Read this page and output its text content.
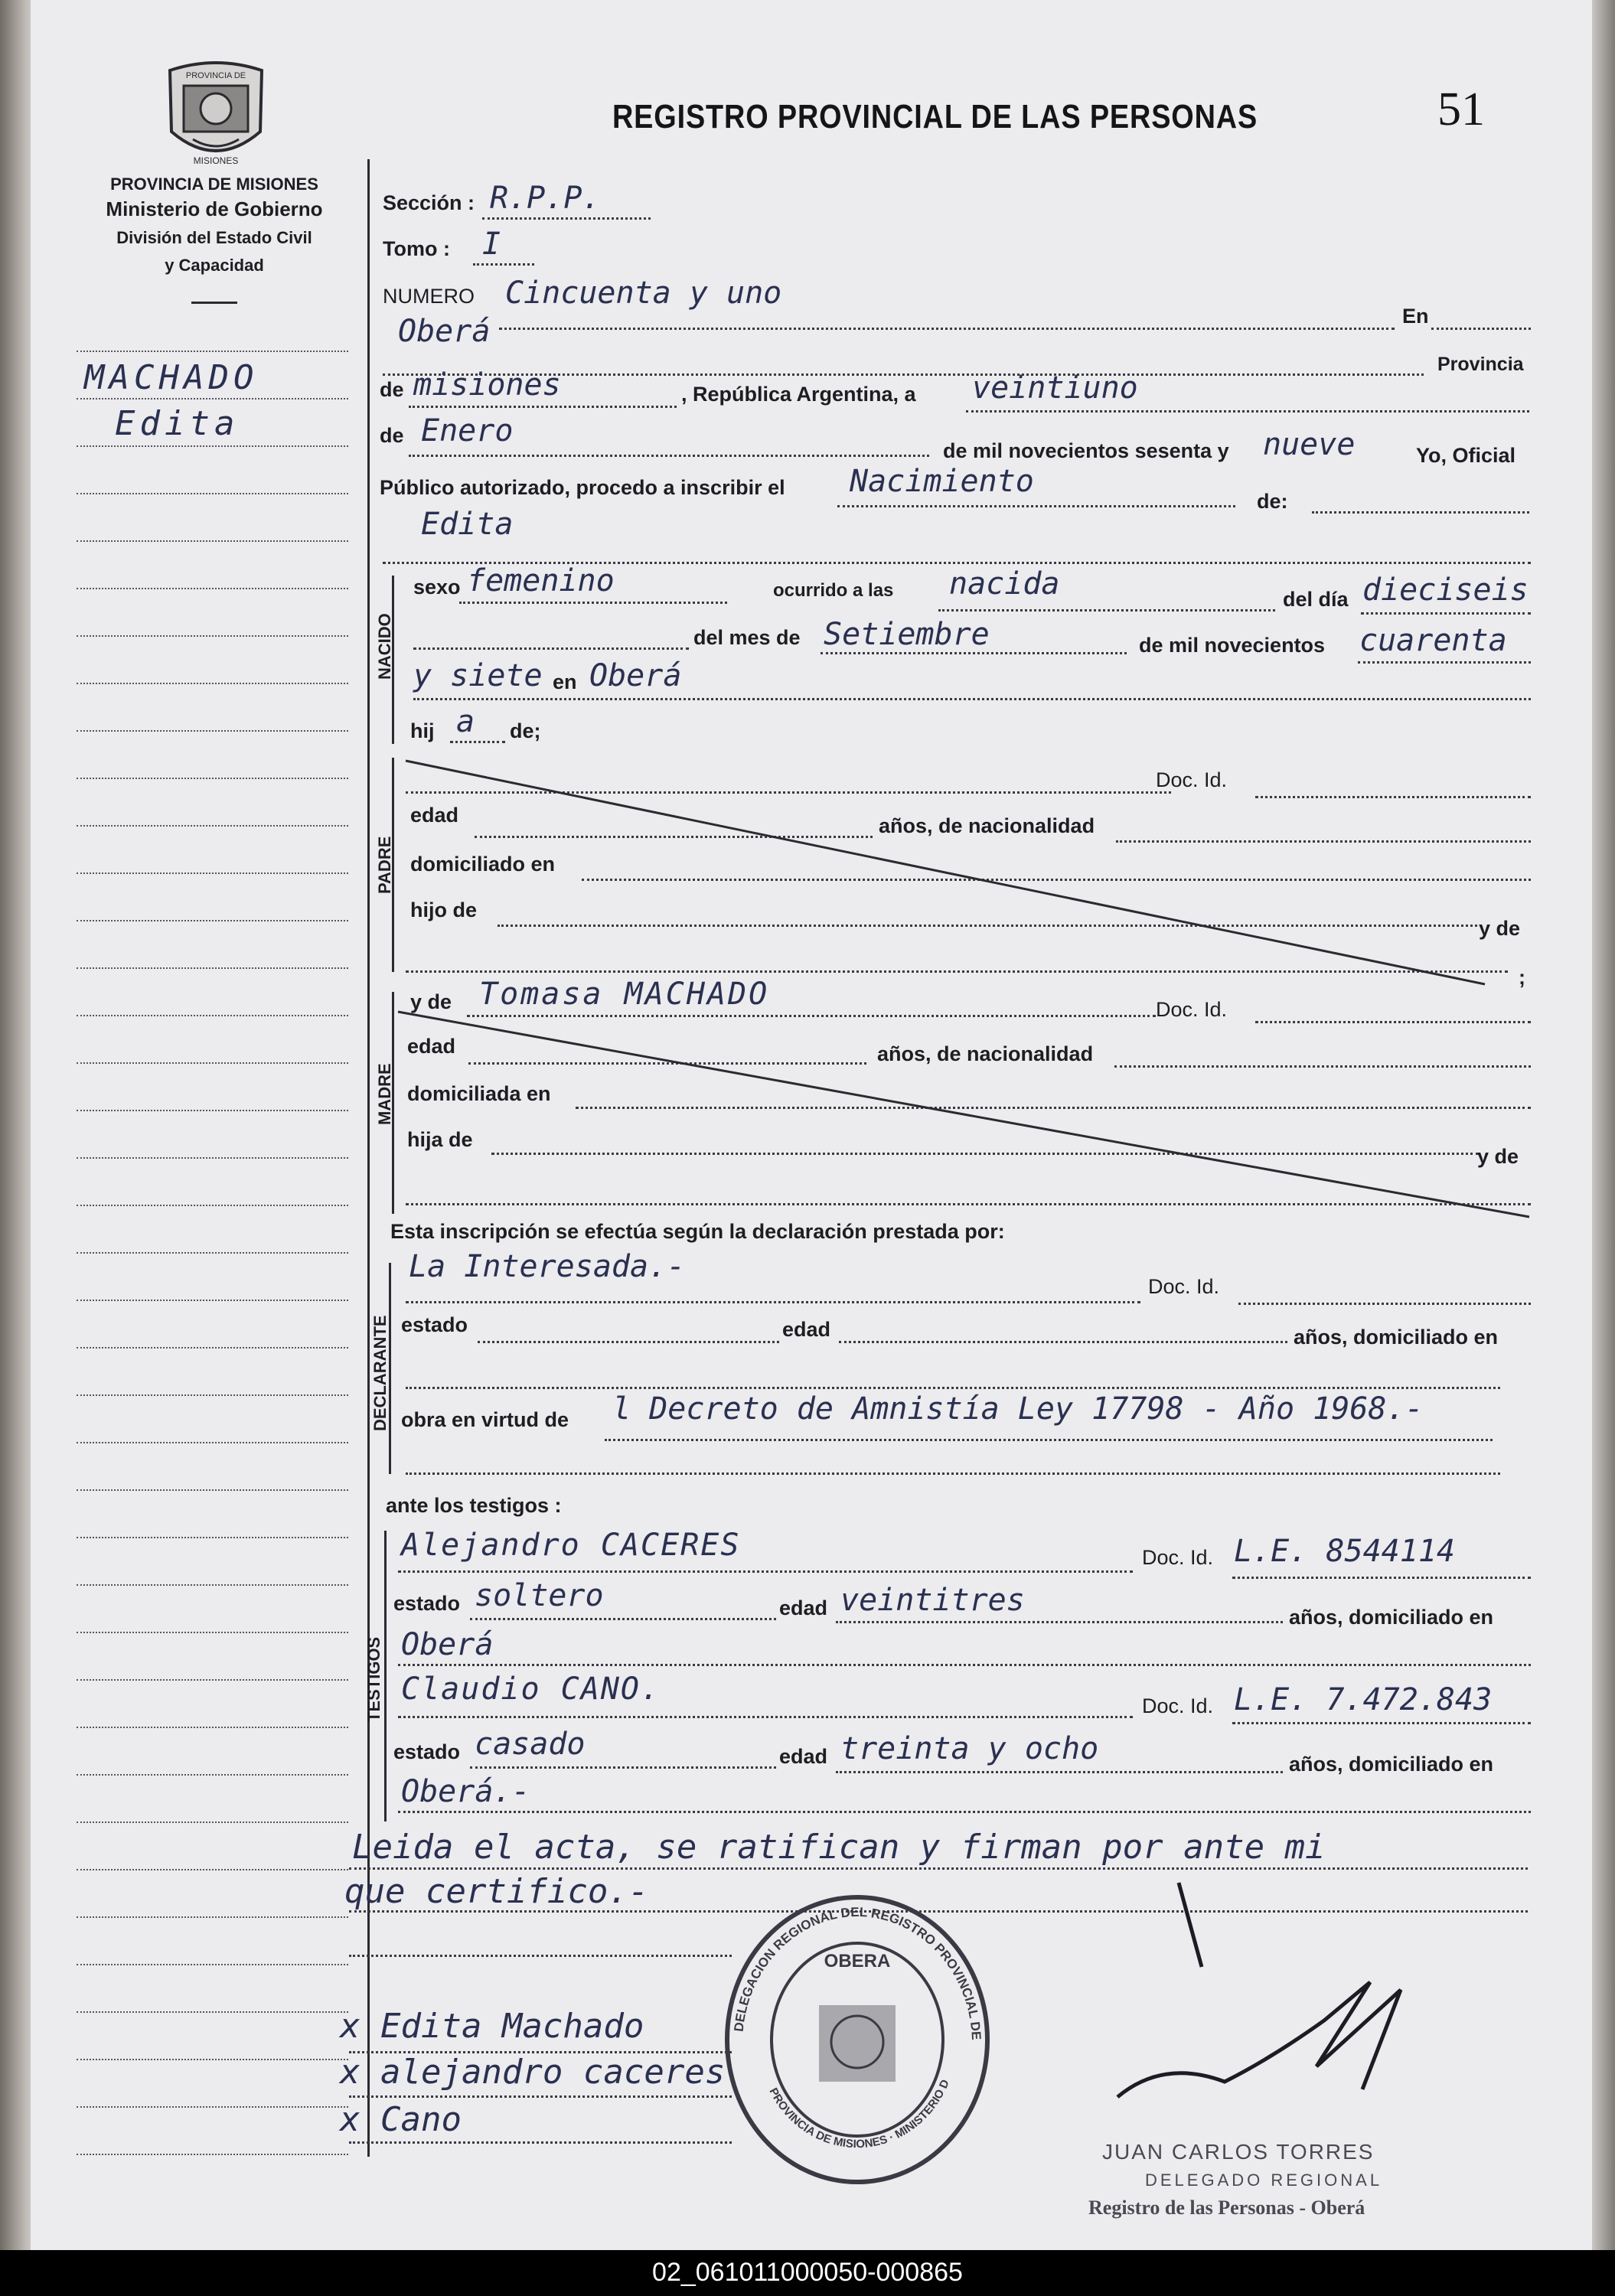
PROVINCIA DE
MISIONES
REGISTRO PROVINCIAL DE LAS PERSONAS	51
PROVINCIA DE MISIONES
Ministerio de Gobierno
División del Estado Civil
y Capacidad
MACHADO
Edita
Sección : R.P.P.
Tomo : I
NUMERO Cincuenta y uno
En
Oberá
Provincia
de misiones	, República Argentina, a veintiuno
de Enero
de mil novecientos sesenta y nueve	Yo, Oficial
Público autorizado, procedo a inscribir el Nacimiento
de:
Edita
NACIDO
sexo femenino	ocurrido a las nacida	del día dieciseis
del mes de Setiembre	de mil novecientos cuarenta
y siete en Oberá
hij a de;
PADRE
Doc. Id.
edad	años, de nacionalidad
domiciliado en
hijo de
y de
;
MADRE
y de Tomasa MACHADO	Doc. Id.
edad	años, de nacionalidad
domiciliada en
hija de
y de
Esta inscripción se efectúa según la declaración prestada por:
DECLARANTE
La Interesada.-
Doc. Id.
estado	edad	años, domiciliado en
obra en virtud de l Decreto de Amnistía Ley 17798 - Año 1968.-
ante los testigos :
TESTIGOS
Alejandro CACERES	Doc. Id. L.E. 8544114
estado soltero	edad veintitres	años, domiciliado en
Oberá
Claudio CANO.	Doc. Id. L.E. 7.472.843
estado casado	edad treinta y ocho	años, domiciliado en
Oberá.-
Leida el acta, se ratifican y firman por ante mi
que certifico.-
OBERA
DELEGACION REGIONAL DEL REGISTRO PROVINCIAL DE
PROVINCIA DE MISIONES · MINISTERIO D
x Edita Machado
x alejandro caceres
x Cano
JUAN CARLOS TORRES
DELEGADO REGIONAL
Registro de las Personas - Oberá
02_061011000050-000865
